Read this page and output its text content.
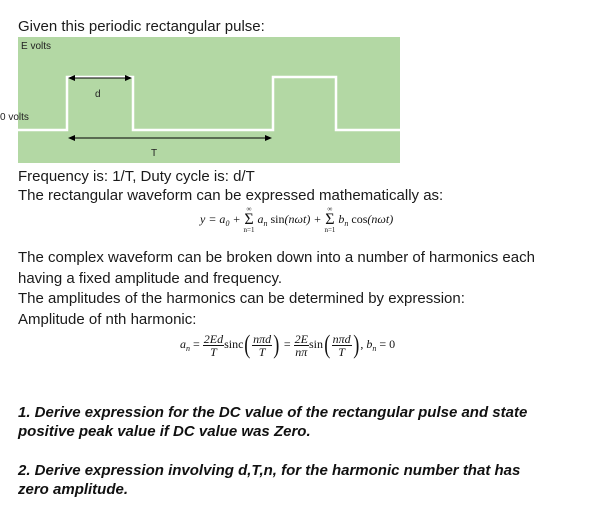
Given this periodic rectangular pulse:
E volts
0 volts
d
T
Frequency is: 1/T, Duty cycle is: d/T
The rectangular waveform can be expressed mathematically as:
$y = a_0$ +
∞
Σ
n=1
$a_n$ sin(nωt) +
∞
Σ
n=1
$b_n$ cos(nωt)
The complex waveform can be broken down into a number of harmonics each
having a fixed amplitude and frequency.
The amplitudes of the harmonics can be determined by expression:
Amplitude of nth harmonic:
$a_n = \frac{2Ed}{T} \sin c( \frac{\text{nπd}}{T}$ ) = $\frac{2E}{n\pi} \sin( \frac{\text{nπd}}{T}$ ), $b_n = 0$
1. Derive expression for the DC value of the rectangular pulse and state
positive peak value if DC value was Zero.
2. Derive expression involving d,T,n, for the harmonic number that has
zero amplitude.
